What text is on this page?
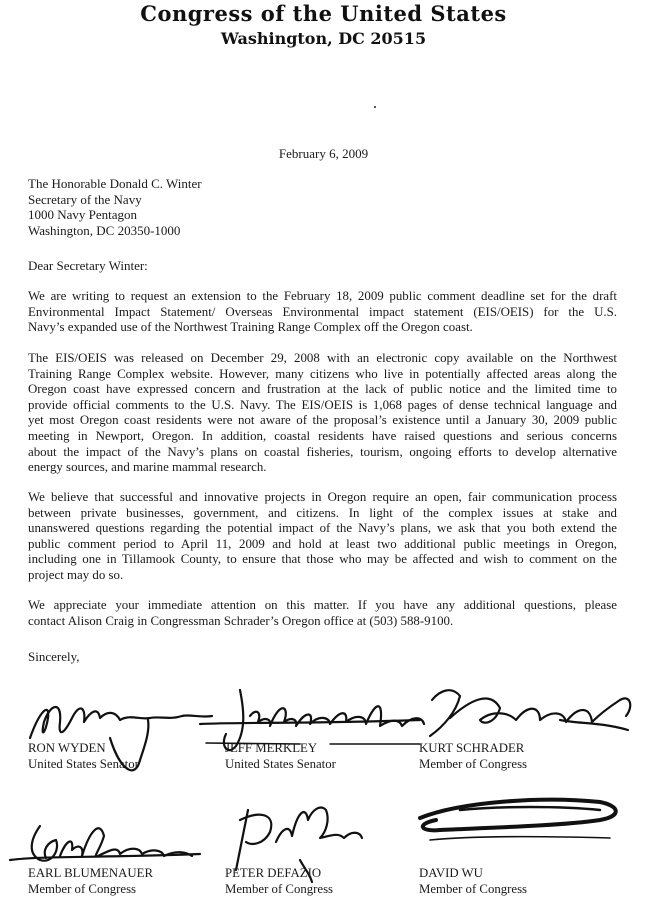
Congress of the United States
Washington, DC 20515
February 6, 2009
The Honorable Donald C. Winter
Secretary of the Navy
1000 Navy Pentagon
Washington, DC 20350-1000
Dear Secretary Winter:
We are writing to request an extension to the February 18, 2009 public comment deadline set for the draft
Environmental Impact Statement/ Overseas Environmental impact statement (EIS/OEIS) for the U.S.
Navy’s expanded use of the Northwest Training Range Complex off the Oregon coast.
The EIS/OEIS was released on December 29, 2008 with an electronic copy available on the Northwest
Training Range Complex website. However, many citizens who live in potentially affected areas along the
Oregon coast have expressed concern and frustration at the lack of public notice and the limited time to
provide official comments to the U.S. Navy. The EIS/OEIS is 1,068 pages of dense technical language and
yet most Oregon coast residents were not aware of the proposal’s existence until a January 30, 2009 public
meeting in Newport, Oregon. In addition, coastal residents have raised questions and serious concerns
about the impact of the Navy’s plans on coastal fisheries, tourism, ongoing efforts to develop alternative
energy sources, and marine mammal research.
We believe that successful and innovative projects in Oregon require an open, fair communication process
between private businesses, government, and citizens. In light of the complex issues at stake and
unanswered questions regarding the potential impact of the Navy’s plans, we ask that you both extend the
public comment period to April 11, 2009 and hold at least two additional public meetings in Oregon,
including one in Tillamook County, to ensure that those who may be affected and wish to comment on the
project may do so.
We appreciate your immediate attention on this matter. If you have any additional questions, please
contact Alison Craig in Congressman Schrader’s Oregon office at (503) 588-9100.
Sincerely,
RON WYDEN
United States Senator
JEFF MERKLEY
United States Senator
KURT SCHRADER
Member of Congress
EARL BLUMENAUER
Member of Congress
PETER DEFAZIO
Member of Congress
DAVID WU
Member of Congress
